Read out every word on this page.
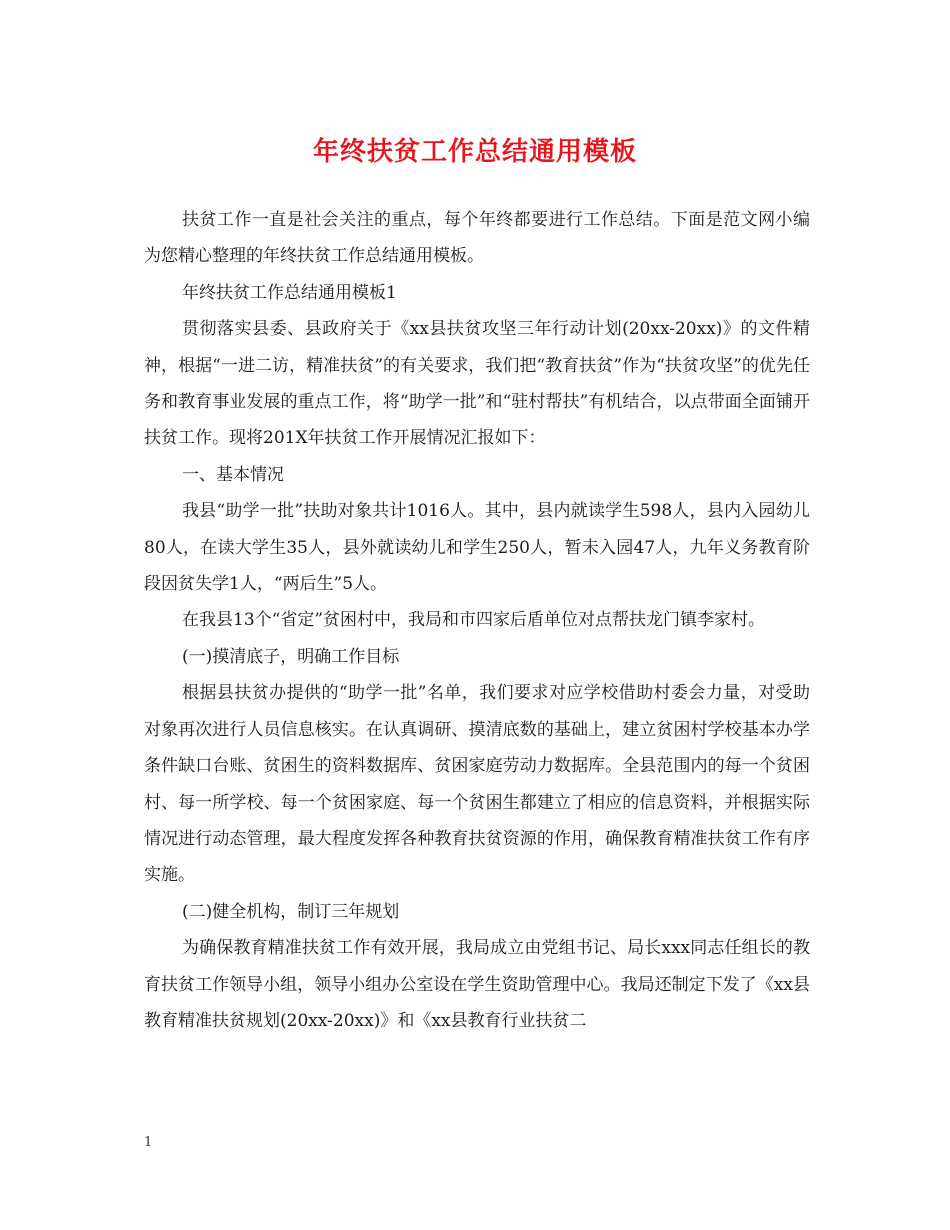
年终扶贫工作总结通用模板

扶贫工作一直是社会关注的重点，每个年终都要进行工作总结。下面是范文网小编为您精心整理的年终扶贫工作总结通用模板。

年终扶贫工作总结通用模板1

贯彻落实县委、县政府关于《xx县扶贫攻坚三年行动计划(20xx-20xx)》的文件精神，根据“一进二访，精准扶贫”的有关要求，我们把“教育扶贫”作为“扶贫攻坚”的优先任务和教育事业发展的重点工作，将“助学一批”和“驻村帮扶”有机结合，以点带面全面铺开扶贫工作。现将201X年扶贫工作开展情况汇报如下：

一、基本情况

我县“助学一批”扶助对象共计1016人。其中，县内就读学生598人，县内入园幼儿80人，在读大学生35人，县外就读幼儿和学生250人，暂未入园47人，九年义务教育阶段因贫失学1人，“两后生”5人。

在我县13个“省定”贫困村中，我局和市四家后盾单位对点帮扶龙门镇李家村。

(一)摸清底子，明确工作目标

根据县扶贫办提供的“助学一批”名单，我们要求对应学校借助村委会力量，对受助对象再次进行人员信息核实。在认真调研、摸清底数的基础上，建立贫困村学校基本办学条件缺口台账、贫困生的资料数据库、贫困家庭劳动力数据库。全县范围内的每一个贫困村、每一所学校、每一个贫困家庭、每一个贫困生都建立了相应的信息资料，并根据实际情况进行动态管理，最大程度发挥各种教育扶贫资源的作用，确保教育精准扶贫工作有序实施。

(二)健全机构，制订三年规划

为确保教育精准扶贫工作有效开展，我局成立由党组书记、局长xxx同志任组长的教育扶贫工作领导小组，领导小组办公室设在学生资助管理中心。我局还制定下发了《xx县教育精准扶贫规划(20xx-20xx)》和《xx县教育行业扶贫二

1
